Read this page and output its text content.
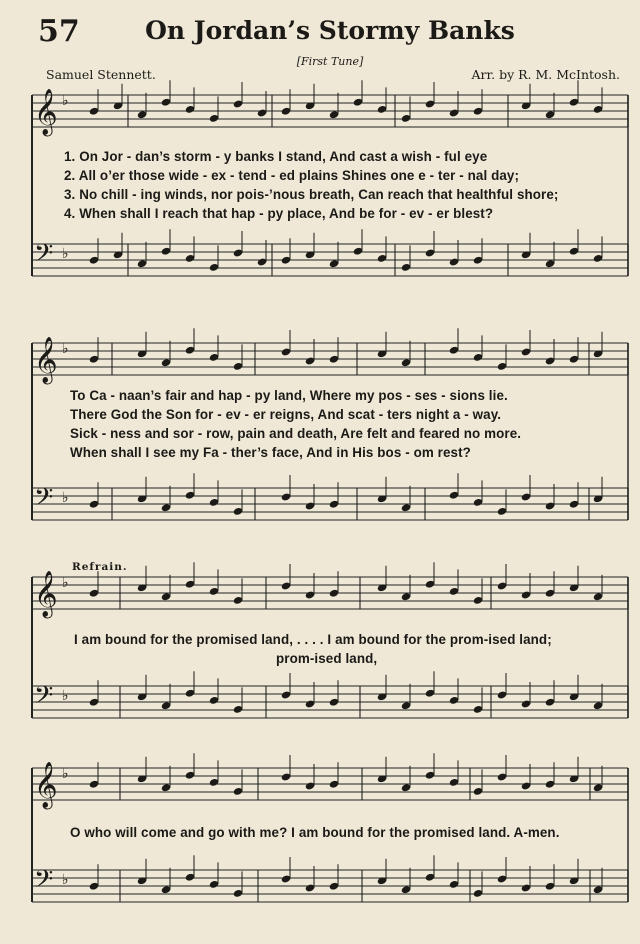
57	On Jordan’s Stormy Banks
[First Tune]
Samuel Stennett.	Arr. by R. M. McIntosh.
𝄞 ♭
𝄢 ♭
𝄞 ♭
𝄢 ♭
𝄞 ♭
𝄢 ♭
𝄞 ♭
𝄢 ♭
1. On Jor - dan’s storm - y banks I stand, And cast a wish - ful eye
2. All o’er those wide - ex - tend - ed plains Shines one e - ter - nal day;
3. No chill - ing winds, nor pois-’nous breath, Can reach that healthful shore;
4. When shall I reach that hap - py place, And be for - ev - er blest?
To Ca - naan’s fair and hap - py land, Where my pos - ses - sions lie.
There God the Son for - ev - er reigns, And scat - ters night a - way.
Sick - ness and sor - row, pain and death, Are felt and feared no more.
When shall I see my Fa - ther’s face, And in His bos - om rest?
Refrain.
I am bound for the promised land, . . . . I am bound for the prom-ised land;
prom-ised land,
O who will come and go with me? I am bound for the promised land. A-men.
